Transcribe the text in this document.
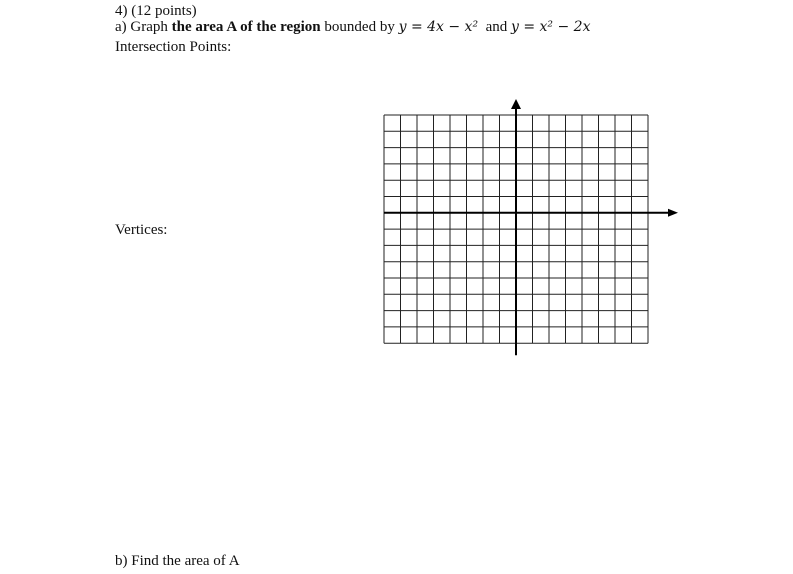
4) (12 points)
a) Graph the area A of the region bounded by y = 4x − x² and y = x² − 2x
Intersection Points:
Vertices:
b) Find the area of A
